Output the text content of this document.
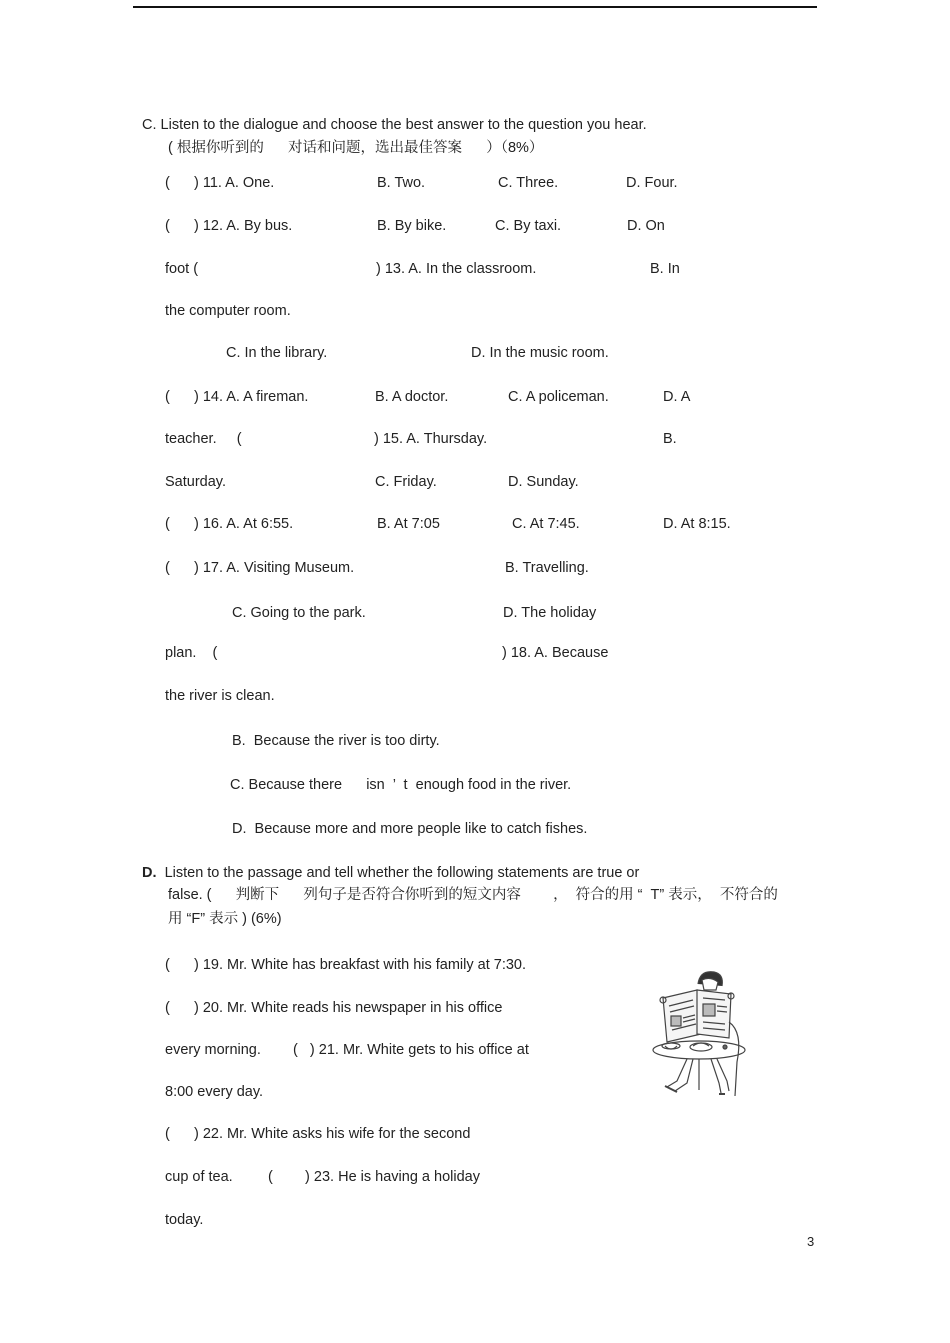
C. Listen to the dialogue and choose the best answer to the question you hear.
( 根据你听到的      对话和问题，选出最佳答案      ）（8%）
(      ) 11. A. One.	B. Two.	C. Three.	D. Four.
(      ) 12. A. By bus.	B. By bike.	C. By taxi.	D. On
foot (	) 13. A. In the classroom.	B. In
the computer room.
C. In the library.	D. In the music room.
(      ) 14. A. A fireman.	B. A doctor.	C. A policeman.	D. A
teacher.     (	) 15. A. Thursday.	B.
Saturday.	C. Friday.	D. Sunday.
(      ) 16. A. At 6:55.	B. At 7:05	C. At 7:45.	D. At 8:15.
(      ) 17. A. Visiting Museum.	B. Travelling.
C. Going to the park.	D. The holiday
plan.    (	) 18. A. Because
the river is clean.
B.  Because the river is too dirty.
C. Because there      isn  ’  t  enough food in the river.
D.  Because more and more people like to catch fishes.
D. Listen to the passage and tell whether the following statements are true or
false. (      判断下      列句子是否符合你听到的短文内容        ，  符合的用 “  T” 表示，  不符合的
用 “F” 表示 ) (6%)
(      ) 19. Mr. White has breakfast with his family at 7:30.
(      ) 20. Mr. White reads his newspaper in his office
every morning. (   ) 21. Mr. White gets to his office at
8:00 every day.
(      ) 22. Mr. White asks his wife for the second
cup of tea. (        ) 23. He is having a holiday
today.
3
